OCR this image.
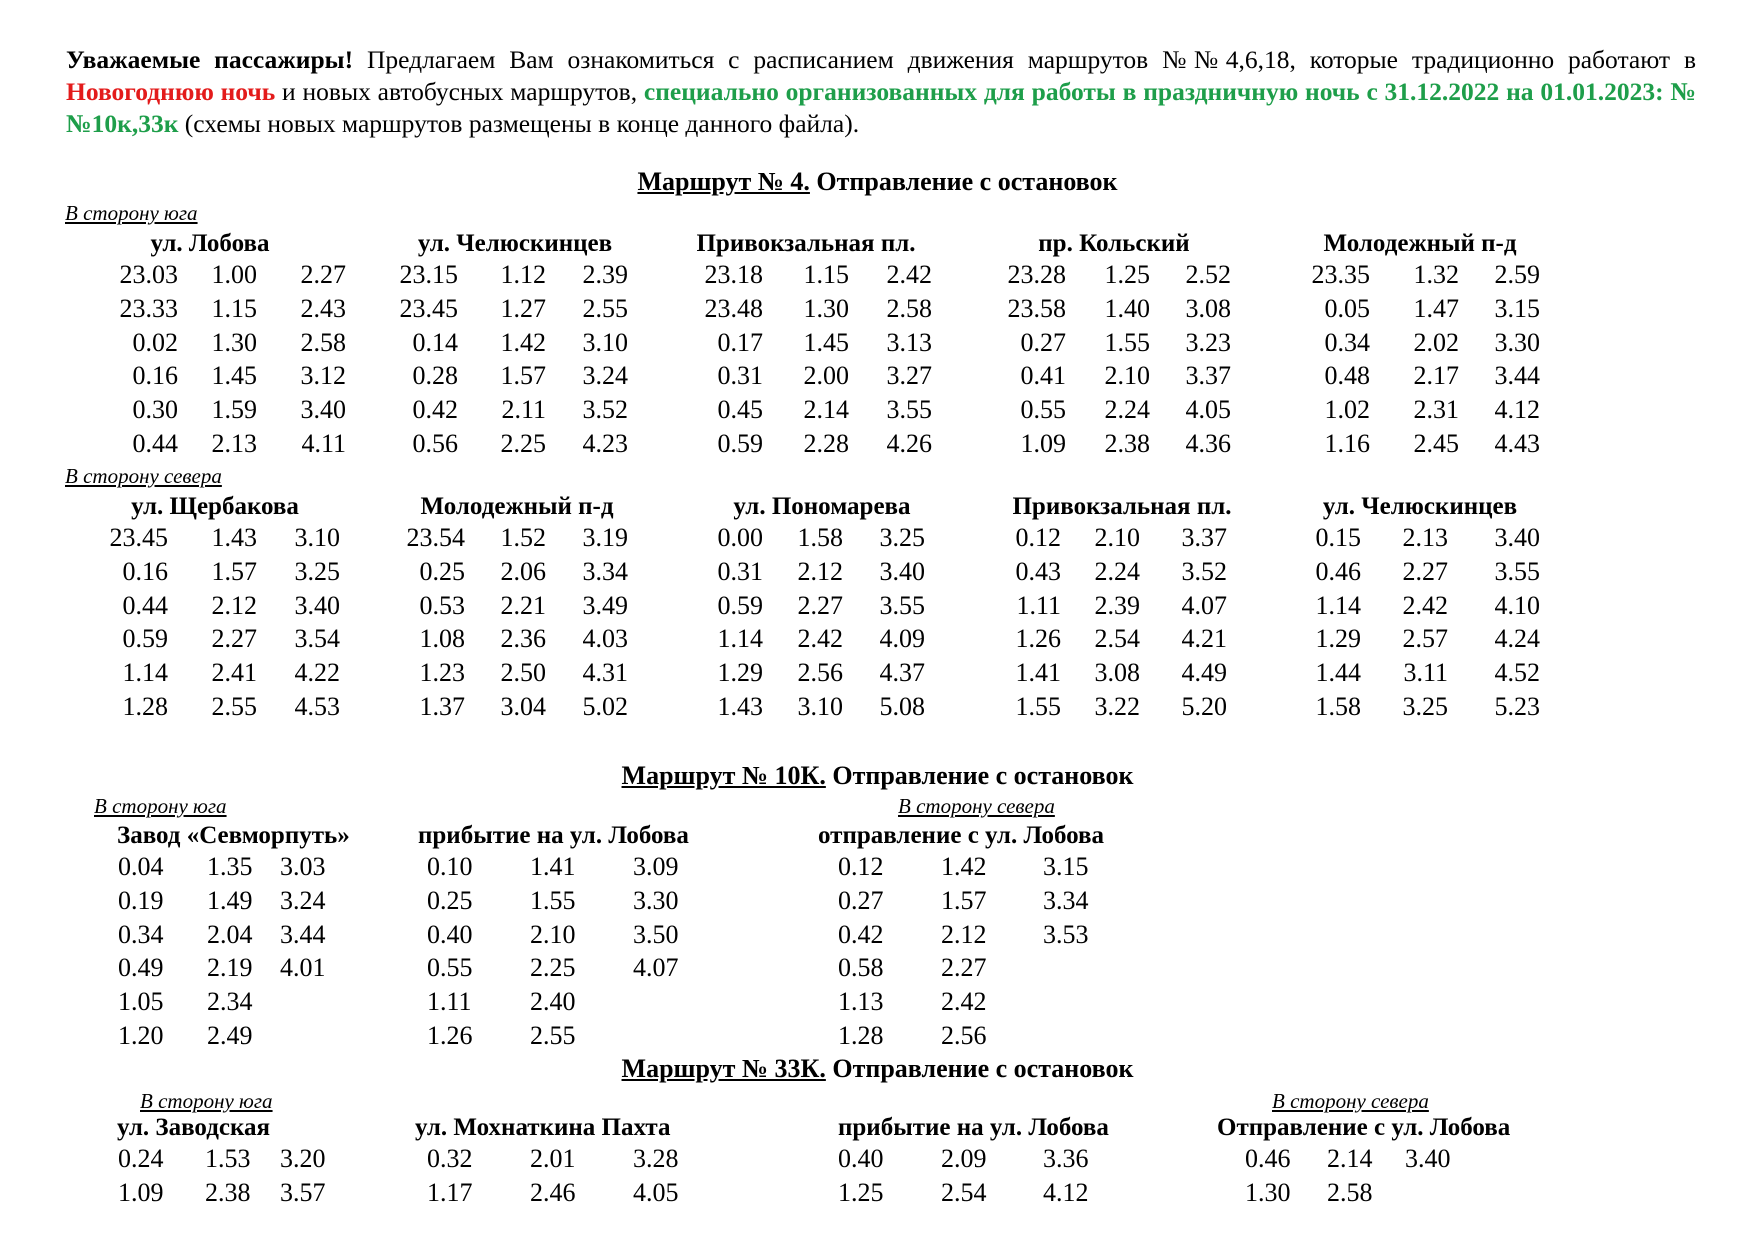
Уважаемые пассажиры! Предлагаем Вам ознакомиться с расписанием движения маршрутов №№4,6,18, которые традиционно работают в Новогоднюю ночь и новых автобусных маршрутов, специально организованных для работы в праздничную ночь с 31.12.2022 на 01.01.2023: №№10к,33к (схемы новых маршрутов размещены в конце данного файла).
Маршрут № 4. Отправление с остановок
В сторону юга
ул. Лобова
23.03	1.00	2.27
23.33	1.15	2.43
0.02	1.30	2.58
0.16	1.45	3.12
0.30	1.59	3.40
0.44	2.13	4.11
ул. Челюскинцев
23.15	1.12	2.39
23.45	1.27	2.55
0.14	1.42	3.10
0.28	1.57	3.24
0.42	2.11	3.52
0.56	2.25	4.23
Привокзальная пл.
23.18	1.15	2.42
23.48	1.30	2.58
0.17	1.45	3.13
0.31	2.00	3.27
0.45	2.14	3.55
0.59	2.28	4.26
пр. Кольский
23.28	1.25	2.52
23.58	1.40	3.08
0.27	1.55	3.23
0.41	2.10	3.37
0.55	2.24	4.05
1.09	2.38	4.36
Молодежный п-д
23.35	1.32	2.59
0.05	1.47	3.15
0.34	2.02	3.30
0.48	2.17	3.44
1.02	2.31	4.12
1.16	2.45	4.43
В сторону севера
ул. Щербакова
23.45	1.43	3.10
0.16	1.57	3.25
0.44	2.12	3.40
0.59	2.27	3.54
1.14	2.41	4.22
1.28	2.55	4.53
Молодежный п-д
23.54	1.52	3.19
0.25	2.06	3.34
0.53	2.21	3.49
1.08	2.36	4.03
1.23	2.50	4.31
1.37	3.04	5.02
ул. Пономарева
0.00	1.58	3.25
0.31	2.12	3.40
0.59	2.27	3.55
1.14	2.42	4.09
1.29	2.56	4.37
1.43	3.10	5.08
Привокзальная пл.
0.12	2.10	3.37
0.43	2.24	3.52
1.11	2.39	4.07
1.26	2.54	4.21
1.41	3.08	4.49
1.55	3.22	5.20
ул. Челюскинцев
0.15	2.13	3.40
0.46	2.27	3.55
1.14	2.42	4.10
1.29	2.57	4.24
1.44	3.11	4.52
1.58	3.25	5.23
Маршрут № 10К. Отправление с остановок
В сторону юга	В сторону севера
Завод «Севморпуть»
0.04 1.35 3.03
0.19 1.49 3.24
0.34 2.04 3.44
0.49 2.19 4.01
1.05 2.34
1.20 2.49
прибытие на ул. Лобова
0.10 1.41 3.09
0.25 1.55 3.30
0.40 2.10 3.50
0.55 2.25 4.07
1.11 2.40
1.26 2.55
отправление с ул. Лобова
0.12 1.42 3.15
0.27 1.57 3.34
0.42 2.12 3.53
0.58 2.27
1.13 2.42
1.28 2.56
Маршрут № 33К. Отправление с остановок
В сторону юга	В сторону севера
ул. Заводская
0.24 1.53 3.20
1.09 2.38 3.57
ул. Мохнаткина Пахта
0.32 2.01 3.28
1.17 2.46 4.05
прибытие на ул. Лобова
0.40 2.09 3.36
1.25 2.54 4.12
Отправление с ул. Лобова
0.46 2.14 3.40
1.30 2.58
